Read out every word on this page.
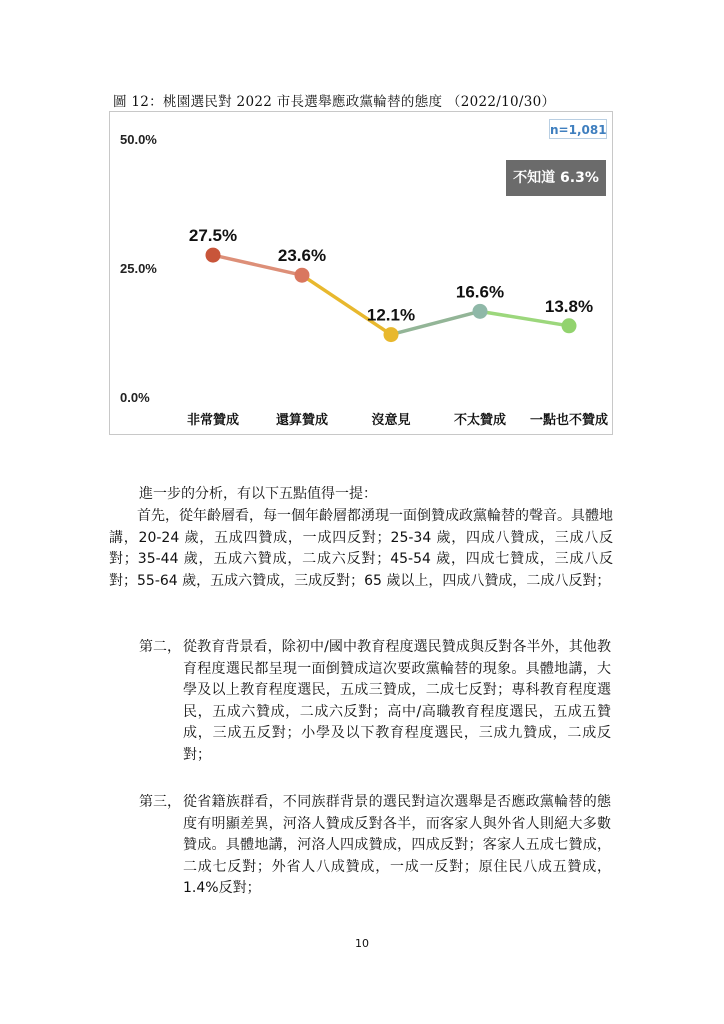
圖 12：桃園選民對 2022 市長選舉應政黨輪替的態度 （2022/10/30）
0.0%
25.0%
50.0%
27.5%
23.6%
12.1%
16.6%
13.8%
非常贊成	還算贊成	沒意見	不太贊成 一點也不贊成
n=1,081
不知道 6.3%
進一步的分析，有以下五點值得一提：
首先，從年齡層看，每一個年齡層都湧現一面倒贊成政黨輪替的聲音。具體地講，20-24 歲，五成四贊成，一成四反對；25-34 歲，四成八贊成，三成八反對；35-44 歲，五成六贊成，二成六反對；45-54 歲，四成七贊成，三成八反對；55-64 歲，五成六贊成，三成反對；65 歲以上，四成八贊成，二成八反對；
第二， 從教育背景看，除初中/國中教育程度選民贊成與反對各半外，其他教育程度選民都呈現一面倒贊成這次要政黨輪替的現象。具體地講，大學及以上教育程度選民，五成三贊成，二成七反對；專科教育程度選民，五成六贊成，二成六反對；高中/高職教育程度選民，五成五贊成，三成五反對；小學及以下教育程度選民，三成九贊成，二成反對；
第三， 從省籍族群看，不同族群背景的選民對這次選舉是否應政黨輪替的態度有明顯差異，河洛人贊成反對各半，而客家人與外省人則絕大多數贊成。具體地講，河洛人四成贊成，四成反對；客家人五成七贊成，二成七反對；外省人八成贊成，一成一反對；原住民八成五贊成，1.4%反對；
10
